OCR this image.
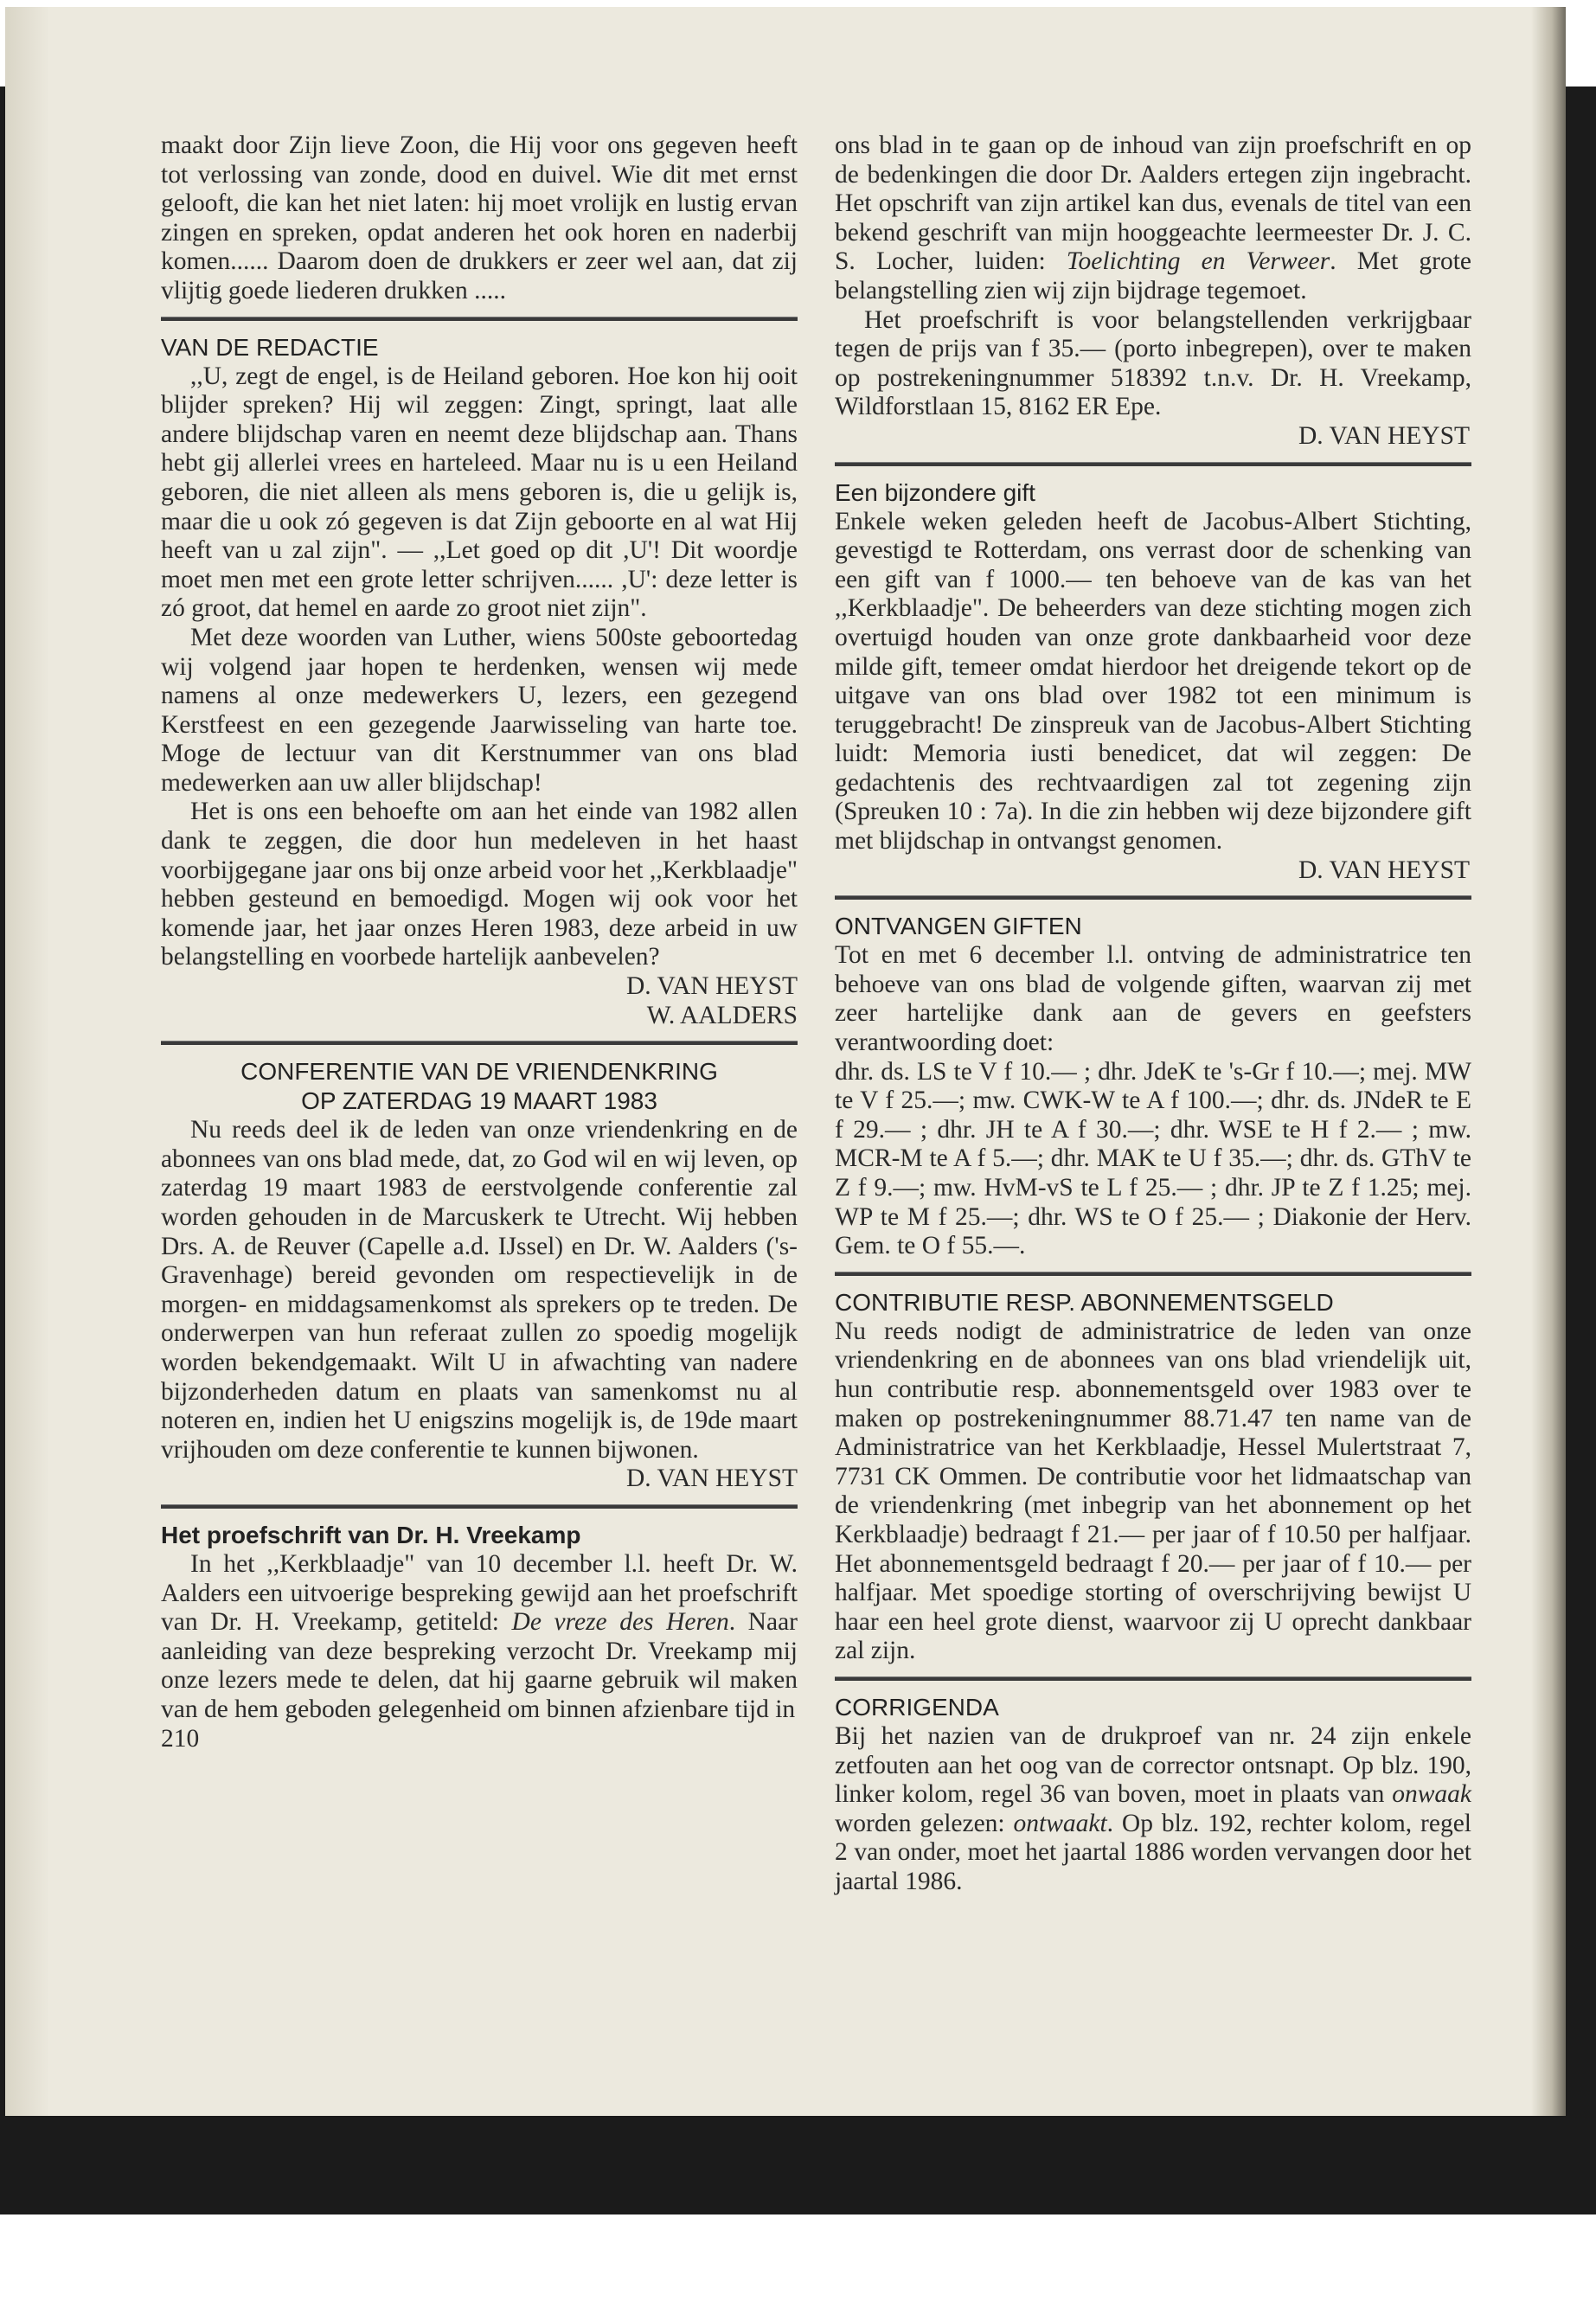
maakt door Zijn lieve Zoon, die Hij voor ons gegeven heeft tot verlossing van zonde, dood en duivel. Wie dit met ernst gelooft, die kan het niet laten: hij moet vrolijk en lustig ervan zingen en spreken, opdat anderen het ook horen en naderbij komen...... Daarom doen de drukkers er zeer wel aan, dat zij vlijtig goede liederen drukken .....

VAN DE REDACTIE

,,U, zegt de engel, is de Heiland geboren. Hoe kon hij ooit blijder spreken? Hij wil zeggen: Zingt, springt, laat alle andere blijdschap varen en neemt deze blijdschap aan. Thans hebt gij allerlei vrees en harteleed. Maar nu is u een Heiland geboren, die niet alleen als mens geboren is, die u gelijk is, maar die u ook zó gegeven is dat Zijn geboorte en al wat Hij heeft van u zal zijn". — ,,Let goed op dit ,U'! Dit woordje moet men met een grote letter schrijven...... ,U': deze letter is zó groot, dat hemel en aarde zo groot niet zijn".

Met deze woorden van Luther, wiens 500ste geboortedag wij volgend jaar hopen te herdenken, wensen wij mede namens al onze medewerkers U, lezers, een gezegend Kerstfeest en een gezegende Jaarwisseling van harte toe. Moge de lectuur van dit Kerstnummer van ons blad medewerken aan uw aller blijdschap!

Het is ons een behoefte om aan het einde van 1982 allen dank te zeggen, die door hun medeleven in het haast voorbijgegane jaar ons bij onze arbeid voor het ,,Kerkblaadje" hebben gesteund en bemoedigd. Mogen wij ook voor het komende jaar, het jaar onzes Heren 1983, deze arbeid in uw belangstelling en voorbede hartelijk aanbevelen?

D. VAN HEYST

W. AALDERS

CONFERENTIE VAN DE VRIENDENKRING
OP ZATERDAG 19 MAART 1983

Nu reeds deel ik de leden van onze vriendenkring en de abonnees van ons blad mede, dat, zo God wil en wij leven, op zaterdag 19 maart 1983 de eerstvolgende conferentie zal worden gehouden in de Marcuskerk te Utrecht. Wij hebben Drs. A. de Reuver (Capelle a.d. IJssel) en Dr. W. Aalders ('s-Gravenhage) bereid gevonden om respectievelijk in de morgen- en middagsamenkomst als sprekers op te treden. De onderwerpen van hun referaat zullen zo spoedig mogelijk worden bekendgemaakt. Wilt U in afwachting van nadere bijzonderheden datum en plaats van samenkomst nu al noteren en, indien het U enigszins mogelijk is, de 19de maart vrijhouden om deze conferentie te kunnen bijwonen.

D. VAN HEYST

Het proefschrift van Dr. H. Vreekamp

In het ,,Kerkblaadje" van 10 december l.l. heeft Dr. W. Aalders een uitvoerige bespreking gewijd aan het proefschrift van Dr. H. Vreekamp, getiteld: De vreze des Heren. Naar aanleiding van deze bespreking verzocht Dr. Vreekamp mij onze lezers mede te delen, dat hij gaarne gebruik wil maken van de hem geboden gelegenheid om binnen afzienbare tijd in

210

ons blad in te gaan op de inhoud van zijn proefschrift en op de bedenkingen die door Dr. Aalders ertegen zijn ingebracht. Het opschrift van zijn artikel kan dus, evenals de titel van een bekend geschrift van mijn hooggeachte leermeester Dr. J. C. S. Locher, luiden: Toelichting en Verweer. Met grote belangstelling zien wij zijn bijdrage tegemoet.

Het proefschrift is voor belangstellenden verkrijgbaar tegen de prijs van f 35.— (porto inbegrepen), over te maken op postrekeningnummer 518392 t.n.v. Dr. H. Vreekamp, Wildforstlaan 15, 8162 ER Epe.

D. VAN HEYST

Een bijzondere gift

Enkele weken geleden heeft de Jacobus-Albert Stichting, gevestigd te Rotterdam, ons verrast door de schenking van een gift van f 1000.— ten behoeve van de kas van het ,,Kerkblaadje". De beheerders van deze stichting mogen zich overtuigd houden van onze grote dankbaarheid voor deze milde gift, temeer omdat hierdoor het dreigende tekort op de uitgave van ons blad over 1982 tot een minimum is teruggebracht! De zinspreuk van de Jacobus-Albert Stichting luidt: Memoria iusti benedicet, dat wil zeggen: De gedachtenis des rechtvaardigen zal tot zegening zijn (Spreuken 10 : 7a). In die zin hebben wij deze bijzondere gift met blijdschap in ontvangst genomen.

D. VAN HEYST

ONTVANGEN GIFTEN

Tot en met 6 december l.l. ontving de administratrice ten behoeve van ons blad de volgende giften, waarvan zij met zeer hartelijke dank aan de gevers en geefsters verantwoording doet:

dhr. ds. LS te V f 10.— ; dhr. JdeK te 's-Gr f 10.—; mej. MW te V f 25.—; mw. CWK-W te A f 100.—; dhr. ds. JNdeR te E f 29.— ; dhr. JH te A f 30.—; dhr. WSE te H f 2.— ; mw. MCR-M te A f 5.—; dhr. MAK te U f 35.—; dhr. ds. GThV te Z f 9.—; mw. HvM-vS te L f 25.— ; dhr. JP te Z f 1.25; mej. WP te M f 25.—; dhr. WS te O f 25.— ; Diakonie der Herv. Gem. te O f 55.—.

CONTRIBUTIE RESP. ABONNEMENTSGELD

Nu reeds nodigt de administratrice de leden van onze vriendenkring en de abonnees van ons blad vriendelijk uit, hun contributie resp. abonnementsgeld over 1983 over te maken op postrekeningnummer 88.71.47 ten name van de Administratrice van het Kerkblaadje, Hessel Mulertstraat 7, 7731 CK Ommen. De contributie voor het lidmaatschap van de vriendenkring (met inbegrip van het abonnement op het Kerkblaadje) bedraagt f 21.— per jaar of f 10.50 per halfjaar. Het abonnementsgeld bedraagt f 20.— per jaar of f 10.— per halfjaar. Met spoedige storting of overschrijving bewijst U haar een heel grote dienst, waarvoor zij U oprecht dankbaar zal zijn.

CORRIGENDA

Bij het nazien van de drukproef van nr. 24 zijn enkele zetfouten aan het oog van de corrector ontsnapt. Op blz. 190, linker kolom, regel 36 van boven, moet in plaats van onwaak worden gelezen: ontwaakt. Op blz. 192, rechter kolom, regel 2 van onder, moet het jaartal 1886 worden vervangen door het jaartal 1986.
